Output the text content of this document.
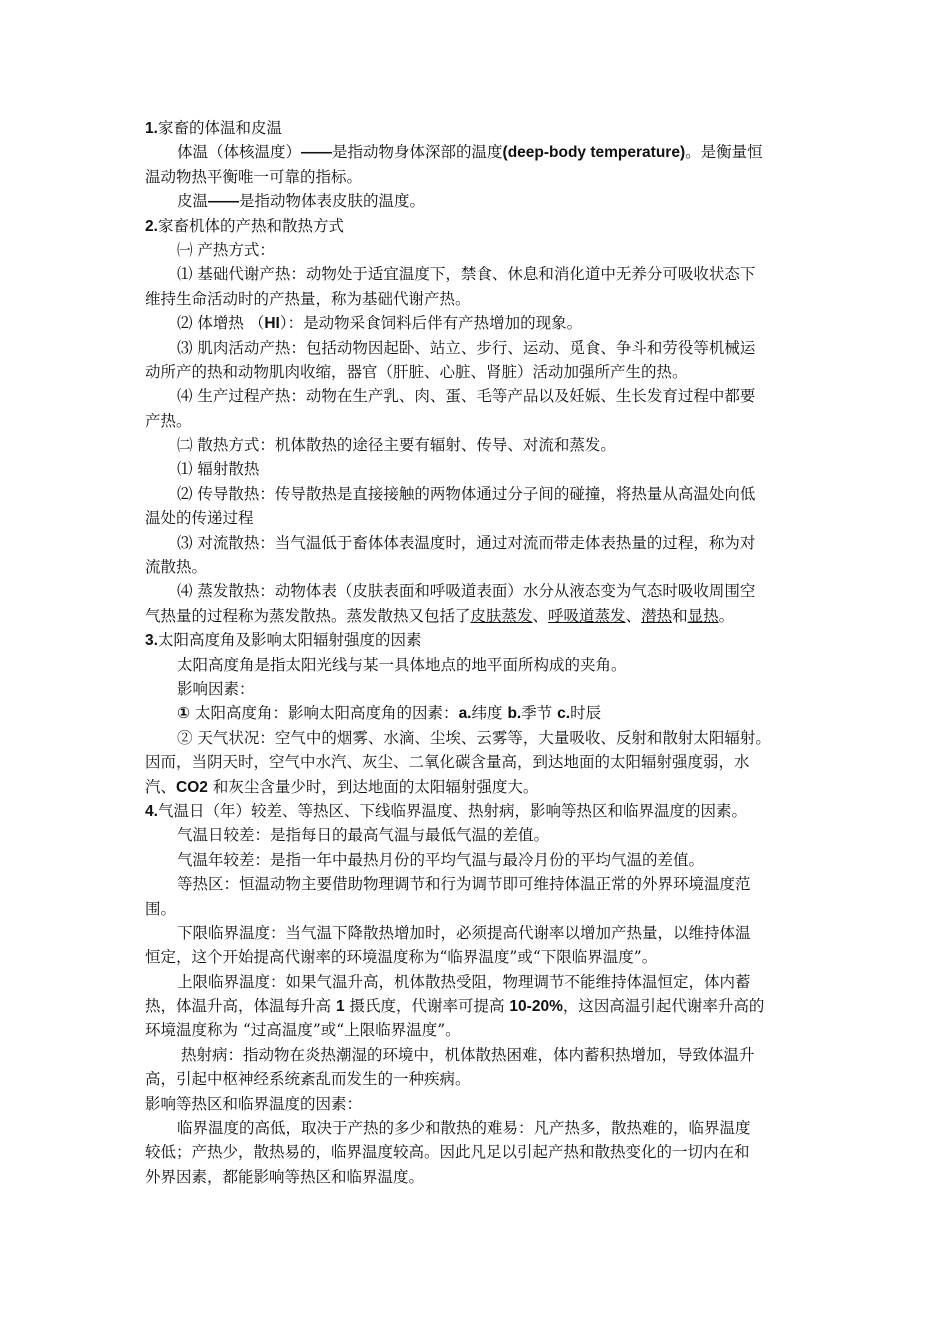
1.家畜的体温和皮温
体温（体核温度）——是指动物身体深部的温度(deep-body temperature)。是衡量恒
温动物热平衡唯一可靠的指标。
皮温——是指动物体表皮肤的温度。
2.家畜机体的产热和散热方式
㈠ 产热方式：
⑴ 基础代谢产热：动物处于适宜温度下，禁食、休息和消化道中无养分可吸收状态下
维持生命活动时的产热量，称为基础代谢产热。
⑵ 体增热 （HI）：是动物采食饲料后伴有产热增加的现象。
⑶ 肌肉活动产热：包括动物因起卧、站立、步行、运动、觅食、争斗和劳役等机械运
动所产的热和动物肌肉收缩，器官（肝脏、心脏、肾脏）活动加强所产生的热。
⑷ 生产过程产热：动物在生产乳、肉、蛋、毛等产品以及妊娠、生长发育过程中都要
产热。
㈡ 散热方式：机体散热的途径主要有辐射、传导、对流和蒸发。
⑴ 辐射散热
⑵ 传导散热：传导散热是直接接触的两物体通过分子间的碰撞，将热量从高温处向低
温处的传递过程
⑶ 对流散热：当气温低于畜体体表温度时，通过对流而带走体表热量的过程，称为对
流散热。
⑷ 蒸发散热：动物体表（皮肤表面和呼吸道表面）水分从液态变为气态时吸收周围空
气热量的过程称为蒸发散热。蒸发散热又包括了皮肤蒸发、呼吸道蒸发、潜热和显热。
3.太阳高度角及影响太阳辐射强度的因素
太阳高度角是指太阳光线与某一具体地点的地平面所构成的夹角。
影响因素：
① 太阳高度角：影响太阳高度角的因素：a.纬度 b.季节 c.时辰
② 天气状况：空气中的烟雾、水滴、尘埃、云雾等，大量吸收、反射和散射太阳辐射。
因而，当阴天时，空气中水汽、灰尘、二氧化碳含量高，到达地面的太阳辐射强度弱，水
汽、CO2 和灰尘含量少时，到达地面的太阳辐射强度大。
4.气温日（年）较差、等热区、下线临界温度、热射病，影响等热区和临界温度的因素。
气温日较差：是指每日的最高气温与最低气温的差值。
气温年较差：是指一年中最热月份的平均气温与最冷月份的平均气温的差值。
等热区：恒温动物主要借助物理调节和行为调节即可维持体温正常的外界环境温度范
围。
下限临界温度：当气温下降散热增加时，必须提高代谢率以增加产热量，以维持体温
恒定，这个开始提高代谢率的环境温度称为“临界温度”或“下限临界温度”。
上限临界温度：如果气温升高，机体散热受阻，物理调节不能维持体温恒定，体内蓄
热，体温升高，体温每升高 1 摄氏度，代谢率可提高 10-20%，这因高温引起代谢率升高的
环境温度称为 “过高温度”或“上限临界温度”。
热射病：指动物在炎热潮湿的环境中，机体散热困难，体内蓄积热增加，导致体温升
高，引起中枢神经系统紊乱而发生的一种疾病。
影响等热区和临界温度的因素：
临界温度的高低，取决于产热的多少和散热的难易：凡产热多，散热难的，临界温度
较低；产热少，散热易的，临界温度较高。因此凡足以引起产热和散热变化的一切内在和
外界因素，都能影响等热区和临界温度。
